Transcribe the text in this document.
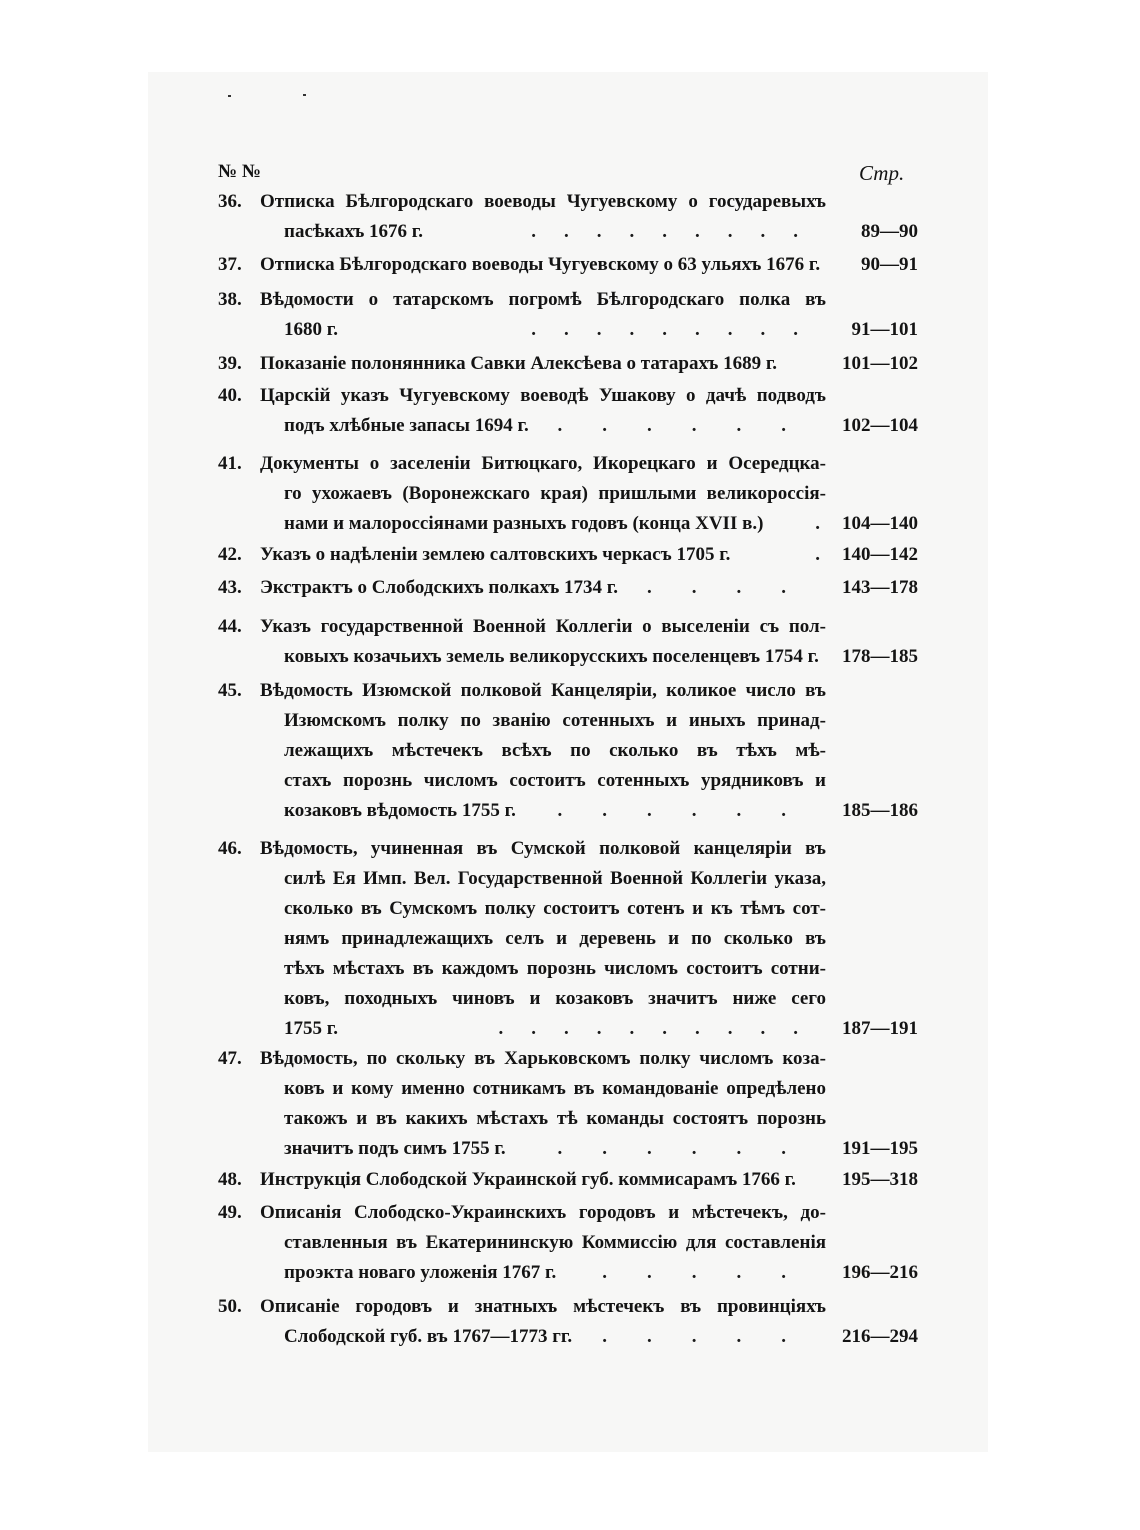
№ №	Стр.
36. Отписка Бѣлгородскаго воеводы Чугуевскому о государевыхъ
пасѣкахъ 1676 г.	.........	89—90
37. Отписка Бѣлгородскаго воеводы Чугуевскому о 63 ульяхъ 1676 г.	90—91
38. Вѣдомости о татарскомъ погромѣ Бѣлгородскаго полка въ
1680 г.	.........	91—101
39. Показаніе полонянника Савки Алексѣева о татарахъ 1689 г.	101—102
40. Царскій указъ Чугуевскому воеводѣ Ушакову о дачѣ подводъ
подъ хлѣбные запасы 1694 г.	...... 102—104
41. Документы о заселеніи Битюцкаго, Икорецкаго и Осередцка-
го ухожаевъ (Воронежскаго края) пришлыми великороссія-
нами и малороссіянами разныхъ годовъ (конца XVII в.)	.	104—140
42. Указъ о надѣленіи землею салтовскихъ черкасъ 1705 г.	.	140—142
43. Экстрактъ о Слободскихъ полкахъ 1734 г.	.... 143—178
44. Указъ государственной Военной Коллегіи о выселеніи съ пол-
ковыхъ козачьихъ земель великорусскихъ поселенцевъ 1754 г.	178—185
45. Вѣдомость Изюмской полковой Канцеляріи, коликое число въ
Изюмскомъ полку по званію сотенныхъ и иныхъ принад-
лежащихъ мѣстечекъ всѣхъ по сколько въ тѣхъ мѣ-
стахъ порознь числомъ состоитъ сотенныхъ урядниковъ и
козаковъ вѣдомость 1755 г.	...... 185—186
46. Вѣдомость, учиненная въ Сумской полковой канцеляріи въ
силѣ Ея Имп. Вел. Государственной Военной Коллегіи указа,
сколько въ Сумскомъ полку состоитъ сотенъ и къ тѣмъ сот-
нямъ принадлежащихъ селъ и деревень и по сколько въ
тѣхъ мѣстахъ въ каждомъ порознь числомъ состоитъ сотни-
ковъ, походныхъ чиновъ и козаковъ значитъ ниже сего
1755 г.	.......... 187—191
47. Вѣдомость, по скольку въ Харьковскомъ полку числомъ коза-
ковъ и кому именно сотникамъ въ командованіе опредѣлено
такожъ и въ какихъ мѣстахъ тѣ команды состоятъ порознь
значитъ подъ симъ 1755 г.	...... 191—195
48. Инструкція Слободской Украинской губ. коммисарамъ 1766 г.	195—318
49. Описанія Слободско-Украинскихъ городовъ и мѣстечекъ, до-
ставленныя въ Екатерининскую Коммиссію для составленія
проэкта новаго уложенія 1767 г.	..... 196—216
50. Описаніе городовъ и знатныхъ мѣстечекъ въ провинціяхъ
Слободской губ. въ 1767—1773 гг.	..... 216—294
